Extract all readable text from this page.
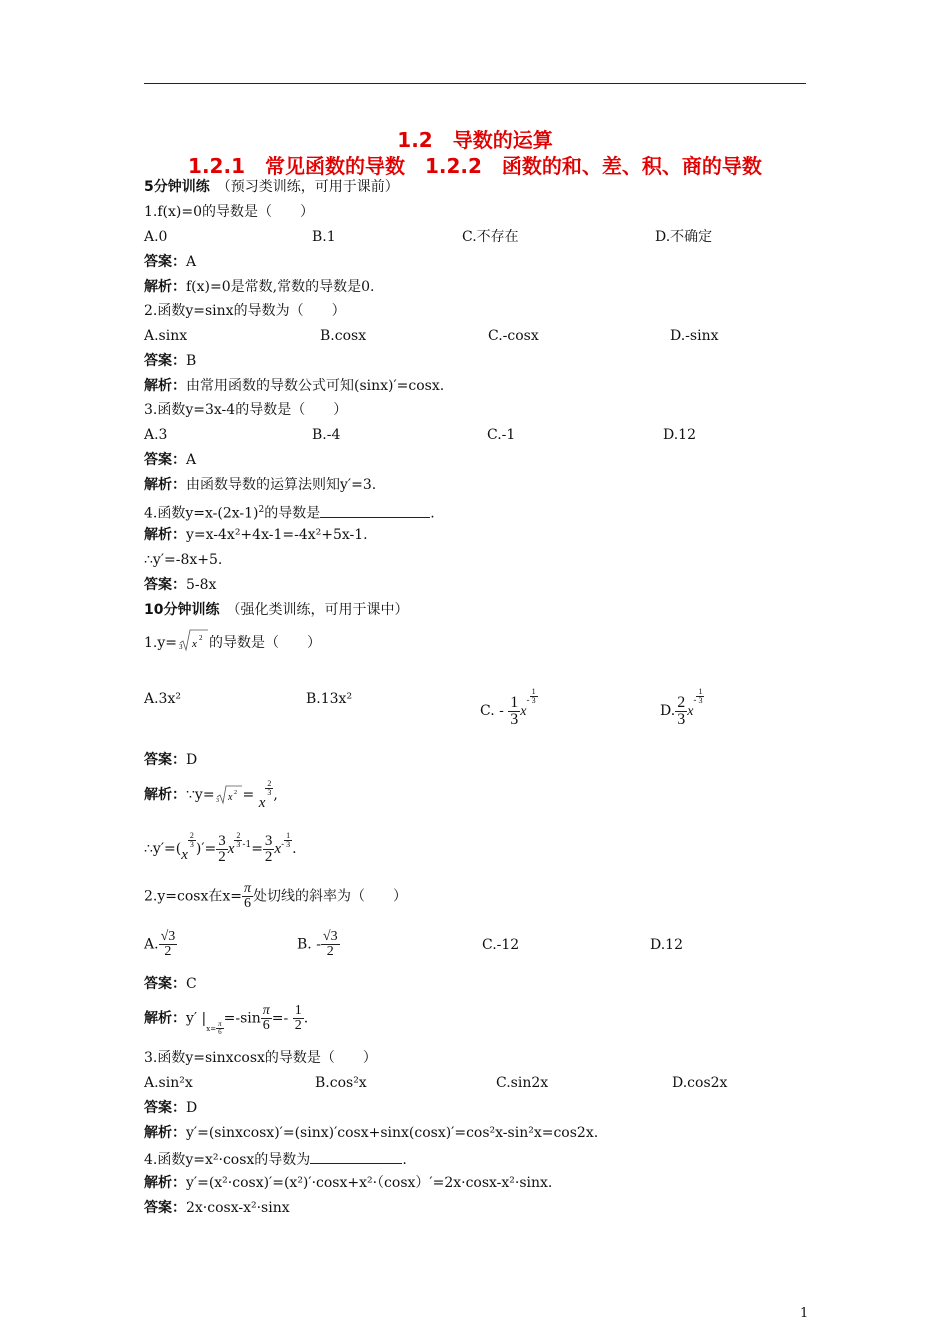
1.2　导数的运算
1.2.1　常见函数的导数　1.2.2　函数的和、差、积、商的导数
5分钟训练　 （预习类训练，可用于课前）
1.f(x)=0的导数是（　　）
A.0	B.1	C.不存在	D.不确定
答案：A
解析：f(x)=0是常数,常数的导数是0.
2.函数y=sinx的导数为（　　）
A.sinx	B.cosx	C.-cosx	D.-sinx
答案：B
解析：由常用函数的导数公式可知(sinx)′=cosx.
3.函数y=3x-4的导数是（　　）
A.3	B.-4	C.-1	D.12
答案：A
解析：由函数导数的运算法则知y′=3.
4.函数$y=x-(2x-1)^2$的导数是	.
解析：y=x-4x²+4x-1=-4x²+5x-1.
∴y′=-8x+5.
答案：5-8x
10分钟训练　 （强化类训练，可用于课中）
1.y= 3 x 2 的导数是（　　）
A.3x²	B.13x²
C. - $\frac{1}{3} x^- \frac{1}{3}$
D. $\frac{2}{3} x^- \frac{1}{3}$
答案：D
解析：∵y= 3 x 2 = x
$\frac{2}{3}$ ,
∴y′=(x
$\frac{2}{3}$ )′= $\frac{3}{2}$ x $\frac{2}{3} ^{-1}= \frac{3}{2} x^- \frac{1}{3}$ .
2.y=cosx在$x= \frac{\pi}{6}$ 处切线的斜率为（　　）
A. $\frac{√3}{2}$	B. - $\frac{√3}{2}$	C.-12	D.12
答案：C
解析：y′ $|_{x= \frac{\pi}{6}}$
$=-\sin \frac{\pi}{6} =- \frac{1}{2}$ .
3.函数y=sinxcosx的导数是（　　）
A.sin²x	B.cos²x	C.sin2x	D.cos2x
答案：D
解析：y′=(sinxcosx)′=(sinx)′cosx+sinx(cosx)′=cos²x-sin²x=cos2x.
4.函数y=x²·cosx的导数为	.
解析：y′=(x²·cosx)′=(x²)′·cosx+x²·（cosx）′=2x·cosx-x²·sinx.
答案：2x·cosx-x²·sinx
1
